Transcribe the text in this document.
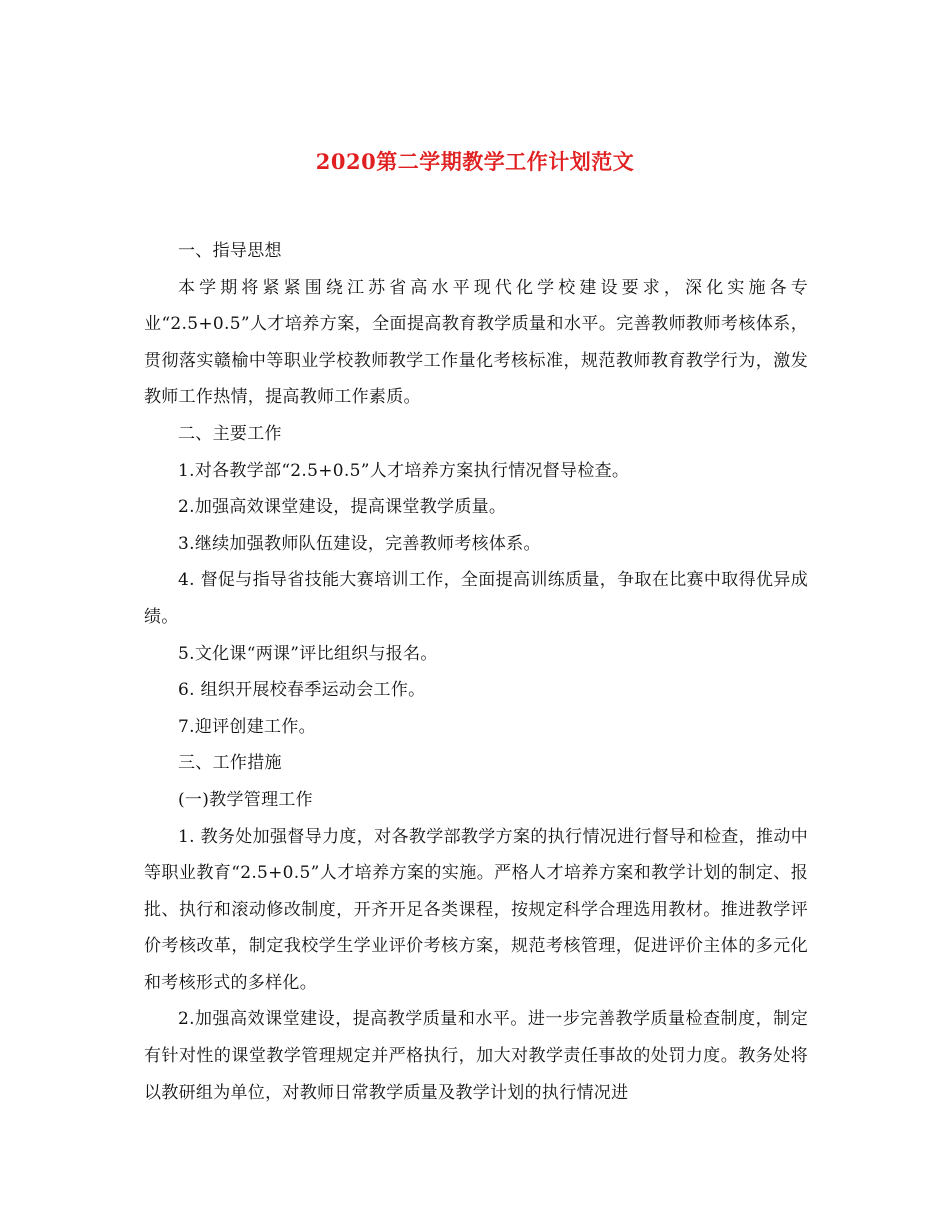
2020第二学期教学工作计划范文

一、指导思想

本学期将紧紧围绕江苏省高水平现代化学校建设要求，深化实施各专业“2.5+0.5”人才培养方案，全面提高教育教学质量和水平。完善教师教师考核体系，贯彻落实赣榆中等职业学校教师教学工作量化考核标准，规范教师教育教学行为，激发教师工作热情，提高教师工作素质。

二、主要工作

1.对各教学部“2.5+0.5”人才培养方案执行情况督导检查。

2.加强高效课堂建设，提高课堂教学质量。

3.继续加强教师队伍建设，完善教师考核体系。

4. 督促与指导省技能大赛培训工作，全面提高训练质量，争取在比赛中取得优异成绩。

5.文化课“两课”评比组织与报名。

6. 组织开展校春季运动会工作。

7.迎评创建工作。

三、工作措施

(一)教学管理工作

1. 教务处加强督导力度，对各教学部教学方案的执行情况进行督导和检查，推动中等职业教育“2.5+0.5”人才培养方案的实施。严格人才培养方案和教学计划的制定、报批、执行和滚动修改制度，开齐开足各类课程，按规定科学合理选用教材。推进教学评价考核改革，制定我校学生学业评价考核方案，规范考核管理，促进评价主体的多元化和考核形式的多样化。

2.加强高效课堂建设，提高教学质量和水平。进一步完善教学质量检查制度，制定有针对性的课堂教学管理规定并严格执行，加大对教学责任事故的处罚力度。教务处将以教研组为单位，对教师日常教学质量及教学计划的执行情况进
